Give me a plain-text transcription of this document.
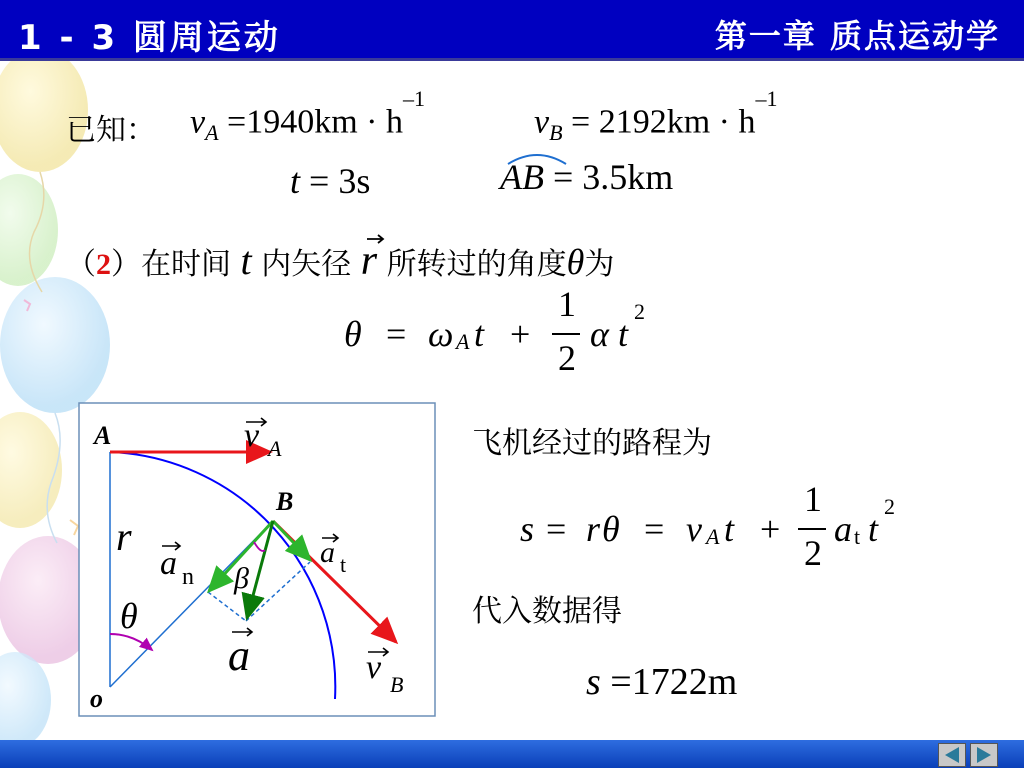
1 - 3 圆周运动	第一章 质点运动学
已知： $v_A =1940km \cdot h^{-1}$
$v_B = 2192km \cdot h^{-1}$
t = 3s	AB = 3.5km
（2）在时间 t 内矢径 r 所转过的角度θ为
θ = ω A t +
1
2
α t
2
A
B
o
r
θ
β
v A
v B
a n
a t
a
飞机经过的路程为
s = r θ = v A t +
1
2
a t t
2
代入数据得
s =1722m
